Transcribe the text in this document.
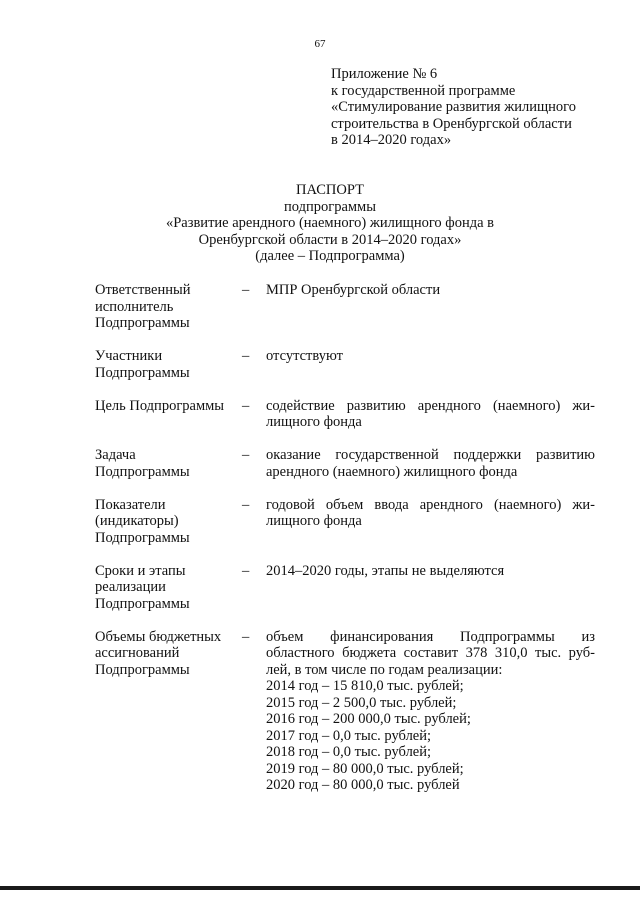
67
Приложение № 6
к государственной программе
«Стимулирование развития жилищного
строительства в Оренбургской области
в 2014–2020 годах»
ПАСПОРТ
подпрограммы
«Развитие арендного (наемного) жилищного фонда в
Оренбургской области в 2014–2020 годах»
(далее – Подпрограмма)
Ответственный
исполнитель
Подпрограммы
–	МПР Оренбургской области
Участники
Подпрограммы
–	отсутствуют
Цель Подпрограммы	–	содействие развитию арендного (наемного) жи-
лищного фонда
Задача
Подпрограммы
–	оказание государственной поддержки развитию
арендного (наемного) жилищного фонда
Показатели
(индикаторы)
Подпрограммы
–	годовой объем ввода арендного (наемного) жи-
лищного фонда
Сроки и этапы
реализации
Подпрограммы
–	2014–2020 годы, этапы не выделяются
Объемы бюджетных
ассигнований
Подпрограммы
–	объем финансирования Подпрограммы из
областного бюджета составит 378 310,0 тыс. руб-
лей, в том числе по годам реализации:
2014 год – 15 810,0 тыс. рублей;
2015 год – 2 500,0 тыс. рублей;
2016 год – 200 000,0 тыс. рублей;
2017 год – 0,0 тыс. рублей;
2018 год – 0,0 тыс. рублей;
2019 год – 80 000,0 тыс. рублей;
2020 год – 80 000,0 тыс. рублей
